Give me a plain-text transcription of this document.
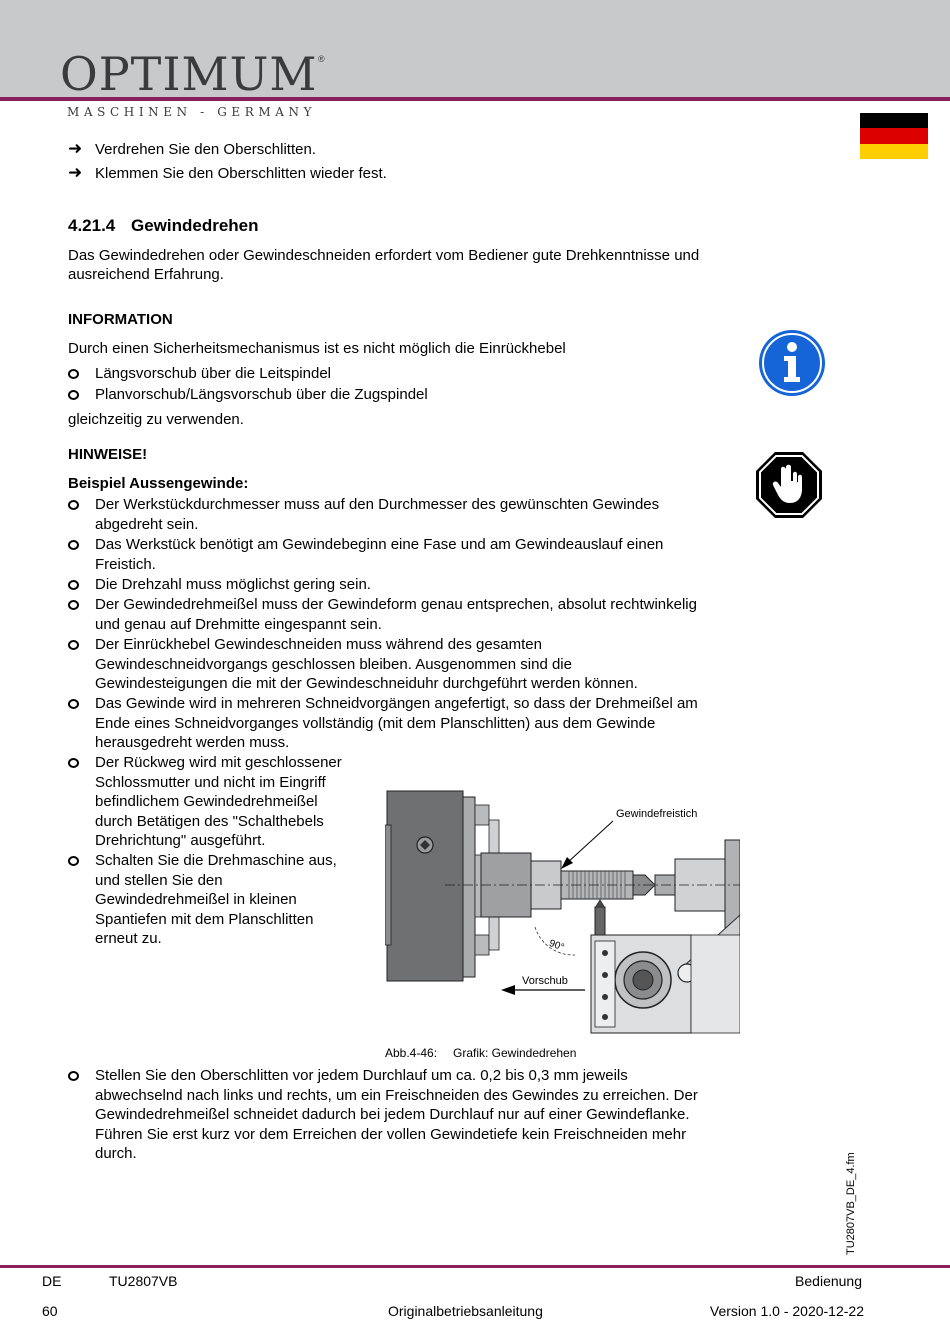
OPTIMUM ®
MASCHINEN - GERMANY
➜ Verdrehen Sie den Oberschlitten.
➜ Klemmen Sie den Oberschlitten wieder fest.
4.21.4 Gewindedrehen
Das Gewindedrehen oder Gewindeschneiden erfordert vom Bediener gute Drehkenntnisse und
ausreichend Erfahrung.
INFORMATION
Durch einen Sicherheitsmechanismus ist es nicht möglich die Einrückhebel
Längsvorschub über die Leitspindel
Planvorschub/Längsvorschub über die Zugspindel
gleichzeitig zu verwenden.
HINWEISE!
Beispiel Aussengewinde:
Der Werkstückdurchmesser muss auf den Durchmesser des gewünschten Gewindes
abgedreht sein.
Das Werkstück benötigt am Gewindebeginn eine Fase und am Gewindeauslauf einen
Freistich.
Die Drehzahl muss möglichst gering sein.
Der Gewindedrehmeißel muss der Gewindeform genau entsprechen, absolut rechtwinkelig
und genau auf Drehmitte eingespannt sein.
Der Einrückhebel Gewindeschneiden muss während des gesamten
Gewindeschneidvorgangs geschlossen bleiben. Ausgenommen sind die
Gewindesteigungen die mit der Gewindeschneiduhr durchgeführt werden können.
Das Gewinde wird in mehreren Schneidvorgängen angefertigt, so dass der Drehmeißel am
Ende eines Schneidvorganges vollständig (mit dem Planschlitten) aus dem Gewinde
herausgedreht werden muss.
Der Rückweg wird mit geschlossener
Schlossmutter und nicht im Eingriff
befindlichem Gewindedrehmeißel
durch Betätigen des "Schalthebels
Drehrichtung" ausgeführt.
Schalten Sie die Drehmaschine aus,
und stellen Sie den
Gewindedrehmeißel in kleinen
Spantiefen mit dem Planschlitten
erneut zu.	90°
Gewindefreistich
Vorschub
Abb.4-46: Grafik: Gewindedrehen
Stellen Sie den Oberschlitten vor jedem Durchlauf um ca. 0,2 bis 0,3 mm jeweils
abwechselnd nach links und rechts, um ein Freischneiden des Gewindes zu erreichen. Der
Gewindedrehmeißel schneidet dadurch bei jedem Durchlauf nur auf einer Gewindeflanke.
Führen Sie erst kurz vor dem Erreichen der vollen Gewindetiefe kein Freischneiden mehr
durch.	TU2807VB_DE_4.fm
DE	TU2807VB	Bedienung
60	Originalbetriebsanleitung	Version 1.0 - 2020-12-22
